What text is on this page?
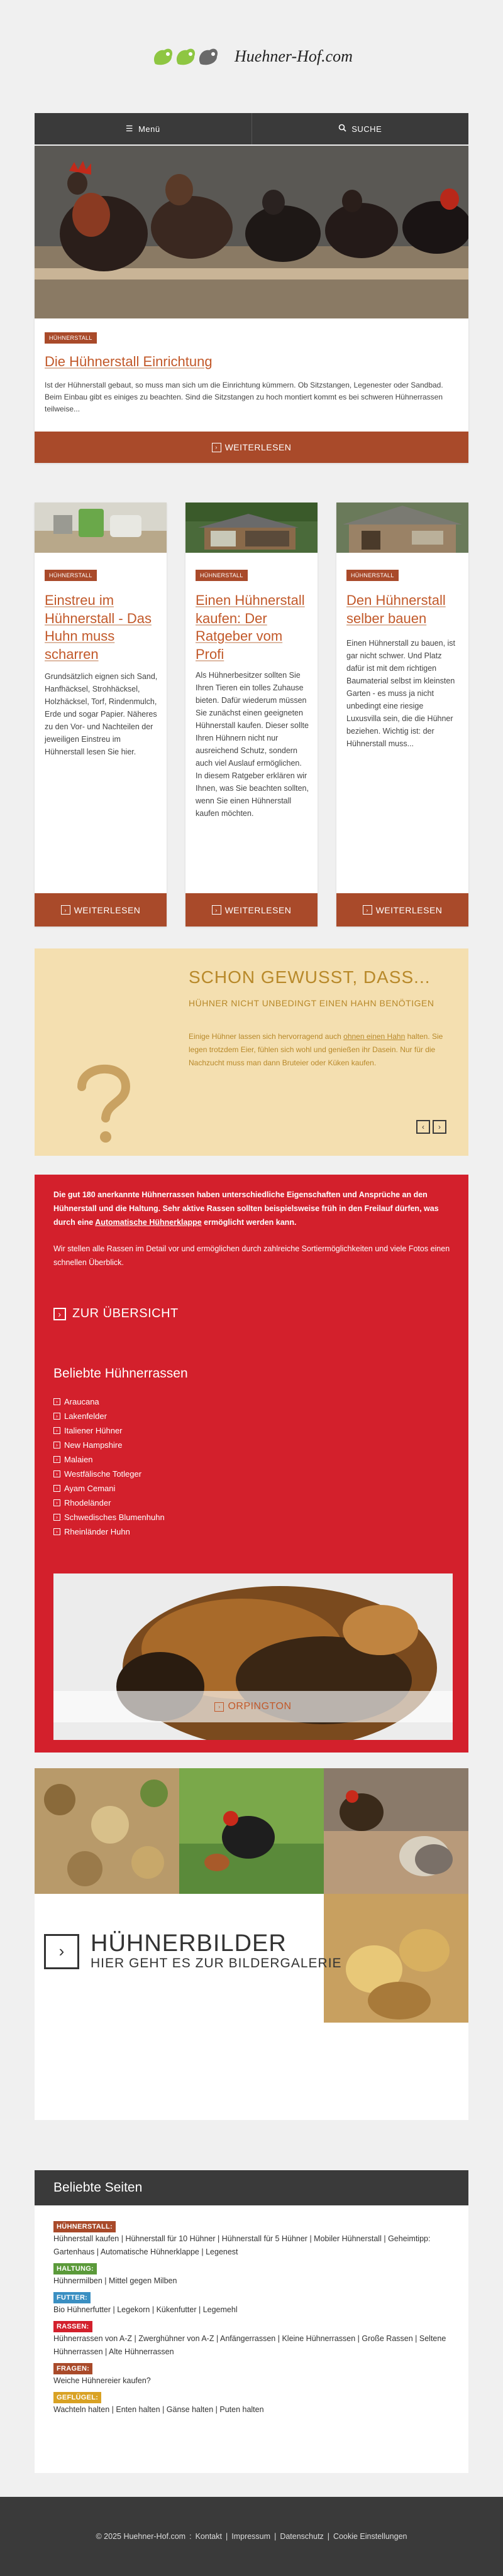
Huehner-Hof.com
☰ Menü	SUCHE
HÜHNERSTALL
Die Hühnerstall Einrichtung

Ist der Hühnerstall gebaut, so muss man sich um die Einrichtung kümmern. Ob Sitzstangen, Legenester oder Sandbad. Beim Einbau gibt es einiges zu beachten. Sind die Sitzstangen zu hoch montiert kommt es bei schweren Hühnerrassen teilweise...

› WEITERLESEN
HÜHNERSTALL
Einstreu im Hühnerstall - Das Huhn muss scharren

Grundsätzlich eignen sich Sand, Hanfhäcksel, Strohhäcksel, Holzhäcksel, Torf, Rindenmulch, Erde und sogar Papier. Näheres zu den Vor- und Nachteilen der jeweiligen Einstreu im Hühnerstall lesen Sie hier.

› WEITERLESEN
HÜHNERSTALL
Einen Hühnerstall kaufen: Der Ratgeber vom Profi

Als Hühnerbesitzer sollten Sie Ihren Tieren ein tolles Zuhause bieten. Dafür wiederum müssen Sie zunächst einen geeigneten Hühnerstall kaufen. Dieser sollte Ihren Hühnern nicht nur ausreichend Schutz, sondern auch viel Auslauf ermöglichen. In diesem Ratgeber erklären wir Ihnen, was Sie beachten sollten, wenn Sie einen Hühnerstall kaufen möchten.

› WEITERLESEN
HÜHNERSTALL
Den Hühnerstall selber bauen

Einen Hühnerstall zu bauen, ist gar nicht schwer. Und Platz dafür ist mit dem richtigen Baumaterial selbst im kleinsten Garten - es muss ja nicht unbedingt eine riesige Luxusvilla sein, die die Hühner beziehen. Wichtig ist: der Hühnerstall muss...

› WEITERLESEN
SCHON GEWUSST, DASS...
HÜHNER NICHT UNBEDINGT EINEN HAHN BENÖTIGEN
Einige Hühner lassen sich hervorragend auch ohnen einen Hahn halten. Sie legen trotzdem Eier, fühlen sich wohl und genießen ihr Dasein. Nur für die Nachzucht muss man dann Bruteier oder Küken kaufen.
‹	›

Die gut 180 anerkannte Hühnerrassen haben unterschiedliche Eigenschaften und Ansprüche an den Hühnerstall und die Haltung. Sehr aktive Rassen sollten beispielsweise früh in den Freilauf dürfen, was durch eine Automatische Hühnerklappe ermöglicht werden kann.

Wir stellen alle Rassen im Detail vor und ermöglichen durch zahlreiche Sortiermöglichkeiten und viele Fotos einen schnellen Überblick.

› ZUR ÜBERSICHT
Beliebte Hühnerrassen
› Araucana
› Lakenfelder
› Italiener Hühner
› New Hampshire
› Malaien
› Westfälische Totleger
› Ayam Cemani
› Rhodeländer
› Schwedisches Blumenhuhn
› Rheinländer Huhn
› ORPINGTON
›	HÜHNERBILDER
HIER GEHT ES ZUR BILDERGALERIE
Beliebte Seiten
HÜHNERSTALL:
Hühnerstall kaufen | Hühnerstall für 10 Hühner | Hühnerstall für 5 Hühner | Mobiler Hühnerstall | Geheimtipp: Gartenhaus | Automatische Hühnerklappe | Legenest
HALTUNG:
Hühnermilben | Mittel gegen Milben
FUTTER:
Bio Hühnerfutter | Legekorn | Kükenfutter | Legemehl
RASSEN:
Hühnerrassen von A-Z | Zwerghühner von A-Z | Anfängerrassen | Kleine Hühnerrassen | Große Rassen | Seltene Hühnerrassen | Alte Hühnerrassen
FRAGEN:
Weiche Hühnereier kaufen?
GEFLÜGEL:
Wachteln halten | Enten halten | Gänse halten | Puten halten
© 2025 Huehner-Hof.com : Kontakt | Impressum | Datenschutz | Cookie Einstellungen
